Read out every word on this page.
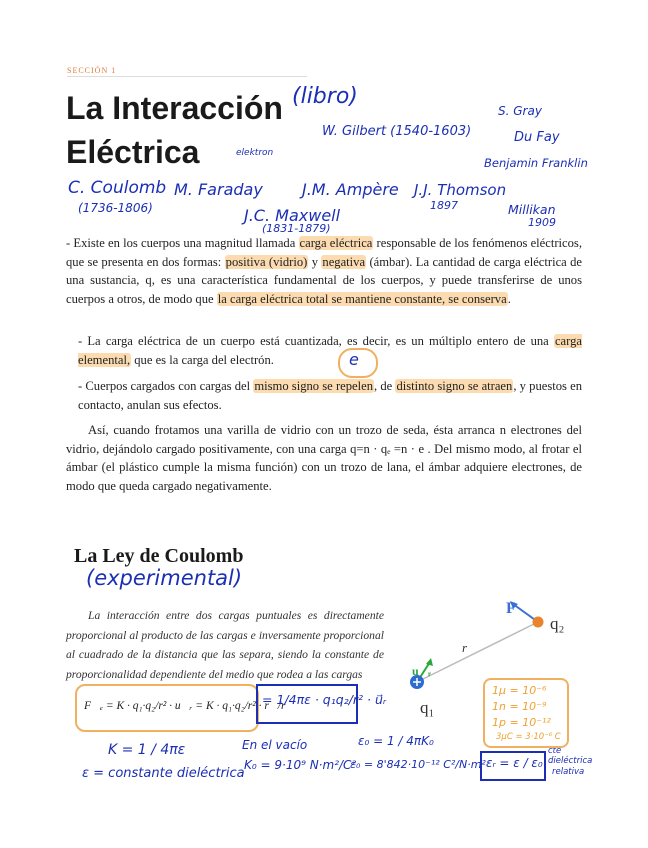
SECCIÓN 1
La Interacción
Eléctrica
(libro)
W. Gilbert (1540-1603)
S. Gray
Du Fay
Benjamin Franklin
elektron
C. Coulomb
(1736-1806)
M. Faraday J.M. Ampère J.J. Thomson
1897	Millikan
1909
J.C. Maxwell
(1831-1879)
- Existe en los cuerpos una magnitud llamada carga eléctrica responsable de los fenómenos eléctricos, que se presenta en dos formas: positiva (vidrio) y negativa (ámbar). La cantidad de carga eléctrica de una sustancia, q, es una característica fundamental de los cuerpos, y puede transferirse de unos cuerpos a otros, de modo que la carga eléctrica total se mantiene constante, se conserva.
- La carga eléctrica de un cuerpo está cuantizada, es decir, es un múltiplo entero de una carga elemental, que es la carga del electrón.	e
- Cuerpos cargados con cargas del mismo signo se repelen, de distinto signo se atraen, y puestos en contacto, anulan sus efectos.
Así, cuando frotamos una varilla de vidrio con un trozo de seda, ésta arranca n electrones del vidrio, dejándolo cargado positivamente, con una carga q=n · qₑ =n · e . Del mismo modo, al frotar el ámbar (el plástico cumple la misma función) con un trozo de lana, el ámbar adquiere electrones, de modo que queda cargado negativamente.
La Ley de Coulomb
(experimental)
La interacción entre dos cargas puntuales es directamente proporcional al producto de las cargas e inversamente proporcional al cuadrado de la distancia que las separa, siendo la constante de proporcionalidad dependiente del medio que rodea a las cargas
F⃗ₑ = K · q₁·q₂/r² · u⃗ᵣ = K · q₁·q₂/r² · r⃗/r
= 1/4πε · q₁q₂/r² · u⃗ᵣ
K = 1 / 4πε
ε = constante dieléctrica
En el vacío	ε₀ = 1 / 4πK₀
K₀ = 9·10⁹ N·m²/C²
ε₀ = 8'842·10⁻¹² C²/N·m² εᵣ = ε / ε₀
cte
dieléctrica
relativa
1μ = 10⁻⁶
1n = 10⁻⁹
1p = 10⁻¹²
3μC = 3·10⁻⁶ C
F⃗
q₂
r
u⃗ᵣ
q₁
